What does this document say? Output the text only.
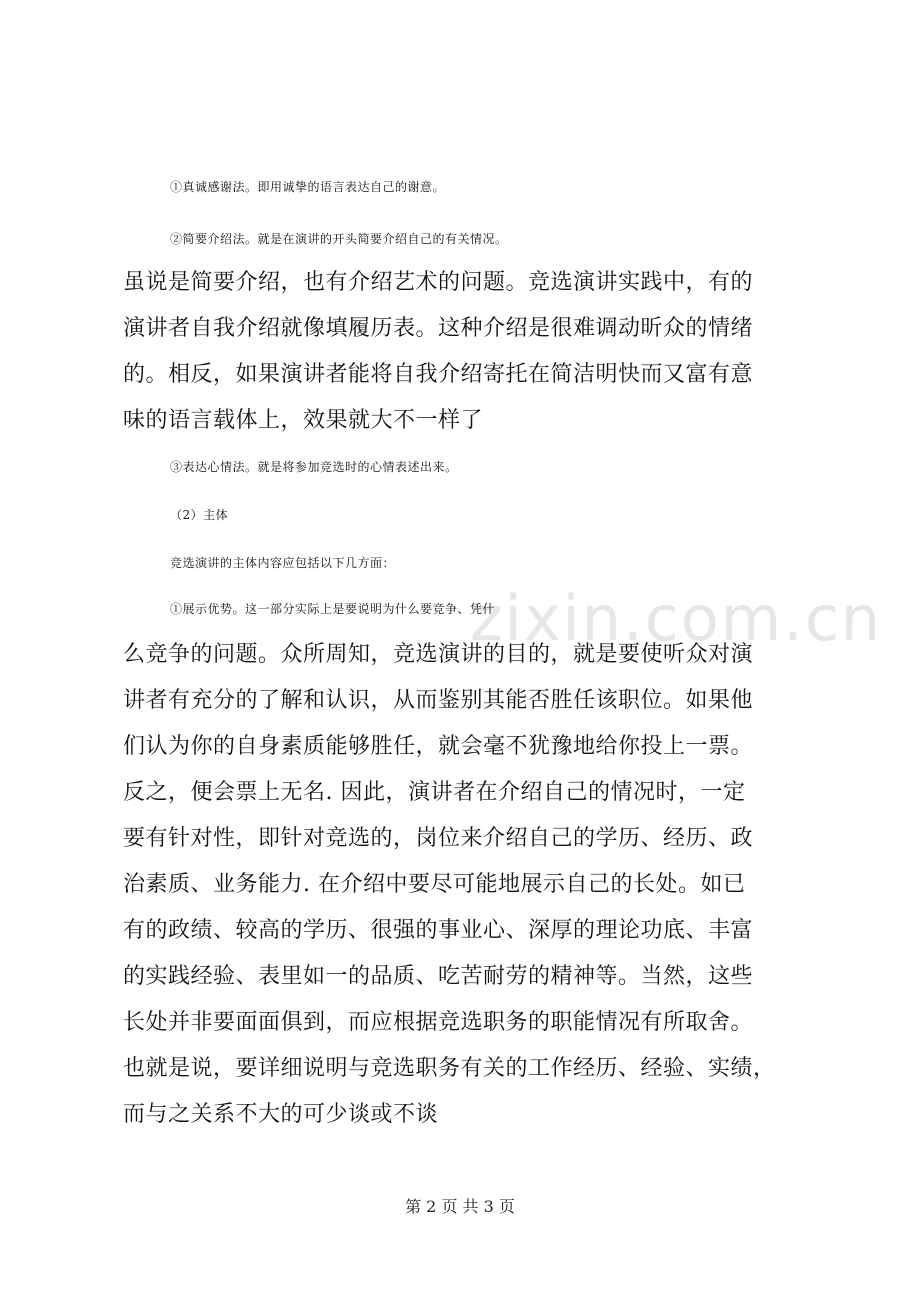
zixin.com.cn
①真诚感谢法。即用诚挚的语言表达自己的谢意。
②简要介绍法。就是在演讲的开头简要介绍自己的有关情况。
虽说是简要介绍，也有介绍艺术的问题。竞选演讲实践中，有的
演讲者自我介绍就像填履历表。这种介绍是很难调动昕众的情绪
的。相反，如果演讲者能将自我介绍寄托在简洁明快而又富有意
味的语言载体上，效果就大不一样了
③表达心情法。就是将参加竞选时的心情表述出来。
（2）主体
竞选演讲的主体内容应包括以下几方面：
①展示优势。这一部分实际上是要说明为什么要竞争、凭什
么竞争的问题。众所周知，竞选演讲的目的，就是要使听众对演
讲者有充分的了解和认识，从而鉴别其能否胜任该职位。如果他
们认为你的自身素质能够胜任，就会毫不犹豫地给你投上一票。
反之，便会票上无名. 因此，演讲者在介绍自己的情况时，一定
要有针对性，即针对竞选的，岗位来介绍自己的学历、经历、政
治素质、业务能力. 在介绍中要尽可能地展示自己的长处。如已
有的政绩、较高的学历、很强的事业心、深厚的理论功底、丰富
的实践经验、表里如一的品质、吃苦耐劳的精神等。当然，这些
长处并非要面面俱到，而应根据竞选职务的职能情况有所取舍。
也就是说，要详细说明与竞选职务有关的工作经历、经验、实绩，
而与之关系不大的可少谈或不谈
第 2 页 共 3 页
